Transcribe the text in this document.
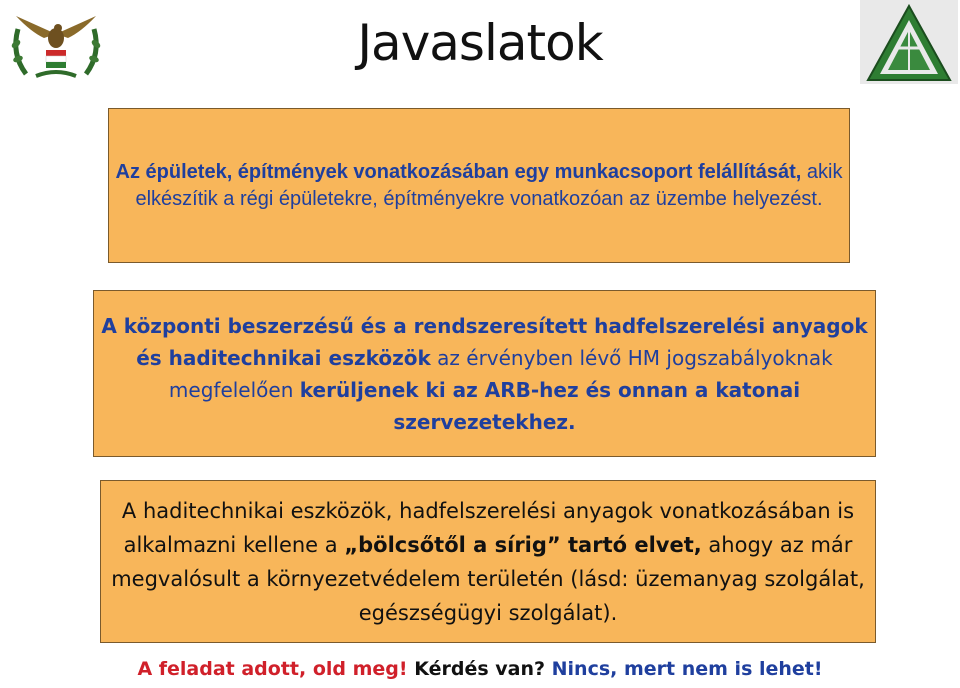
Javaslatok

Az épületek, építmények vonatkozásában egy munkacsoport felállítását, akik elkészítik a régi épületekre, építményekre vonatkozóan az üzembe helyezést.

A központi beszerzésű és a rendszeresített hadfelszerelési anyagok és haditechnikai eszközök az érvényben lévő HM jogszabályoknak megfelelően kerüljenek ki az ARB-hez és onnan a katonai szervezetekhez.

A haditechnikai eszközök, hadfelszerelési anyagok vonatkozásában is alkalmazni kellene a „bölcsőtől a sírig” tartó elvet, ahogy az már megvalósult a környezetvédelem területén (lásd: üzemanyag szolgálat, egészségügyi szolgálat).

A feladat adott, old meg! Kérdés van? Nincs, mert nem is lehet!
